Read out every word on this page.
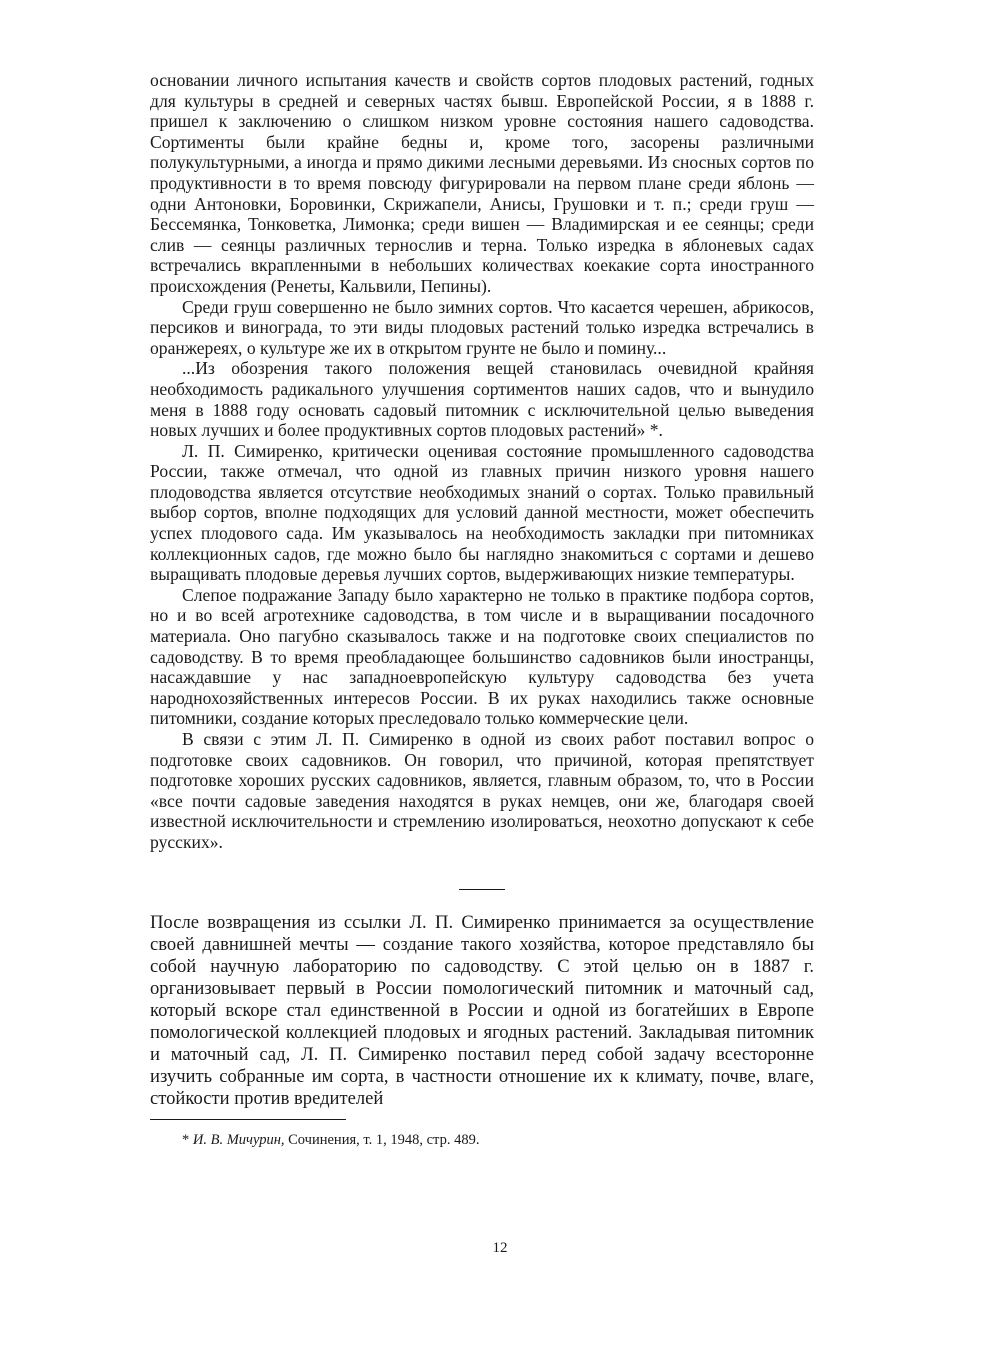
основании личного испытания качеств и свойств сортов плодовых растений, годных для культуры в средней и северных частях бывш. Европейской России, я в 1888 г. пришел к заключению о слишком низком уровне состояния нашего садоводства. Сортименты были крайне бедны и, кроме того, засорены различными полукультурными, а иногда и прямо дикими лесными деревьями. Из сносных сортов по продуктивности в то время повсюду фигурировали на первом плане среди яблонь — одни Антоновки, Боровинки, Скрижапели, Анисы, Грушовки и т. п.; среди груш — Бессемянка, Тонковетка, Лимонка; среди вишен — Владимирская и ее сеянцы; среди слив — сеянцы различных тернослив и терна. Только изредка в яблоневых садах встречались вкрапленными в небольших количествах коекакие сорта иностранного происхождения (Ренеты, Кальвили, Пепины).

Среди груш совершенно не было зимних сортов. Что касается черешен, абрикосов, персиков и винограда, то эти виды плодовых растений только изредка встречались в оранжереях, о культуре же их в открытом грунте не было и помину...

...Из обозрения такого положения вещей становилась очевидной крайняя необходимость радикального улучшения сортиментов наших садов, что и вынудило меня в 1888 году основать садовый питомник с исключительной целью выведения новых лучших и более продуктивных сортов плодовых растений» *.

Л. П. Симиренко, критически оценивая состояние промышленного садоводства России, также отмечал, что одной из главных причин низкого уровня нашего плодоводства является отсутствие необходимых знаний о сортах. Только правильный выбор сортов, вполне подходящих для условий данной местности, может обеспечить успех плодового сада. Им указывалось на необходимость закладки при питомниках коллекционных садов, где можно было бы наглядно знакомиться с сортами и дешево выращивать плодовые деревья лучших сортов, выдерживающих низкие температуры.

Слепое подражание Западу было характерно не только в практике подбора сортов, но и во всей агротехнике садоводства, в том числе и в выращивании посадочного материала. Оно пагубно сказывалось также и на подготовке своих специалистов по садоводству. В то время преобладающее большинство садовников были иностранцы, насаждавшие у нас западноевропейскую культуру садоводства без учета народнохозяйственных интересов России. В их руках находились также основные питомники, создание которых преследовало только коммерческие цели.

В связи с этим Л. П. Симиренко в одной из своих работ поставил вопрос о подготовке своих садовников. Он говорил, что причиной, которая препятствует подготовке хороших русских садовников, является, главным образом, то, что в России «все почти садовые заведения находятся в руках немцев, они же, благодаря своей известной исключительности и стремлению изолироваться, неохотно допускают к себе русских».

После возвращения из ссылки Л. П. Симиренко принимается за осуществление своей давнишней мечты — создание такого хозяйства, которое представляло бы собой научную лабораторию по садоводству. С этой целью он в 1887 г. организовывает первый в России помологический питомник и маточный сад, который вскоре стал единственной в России и одной из богатейших в Европе помологической коллекцией плодовых и ягодных растений. Закладывая питомник и маточный сад, Л. П. Симиренко поставил перед собой задачу всесторонне изучить собранные им сорта, в частности отношение их к климату, почве, влаге, стойкости против вредителей

* И. В. Мичурин, Сочинения, т. 1, 1948, стр. 489.
12
